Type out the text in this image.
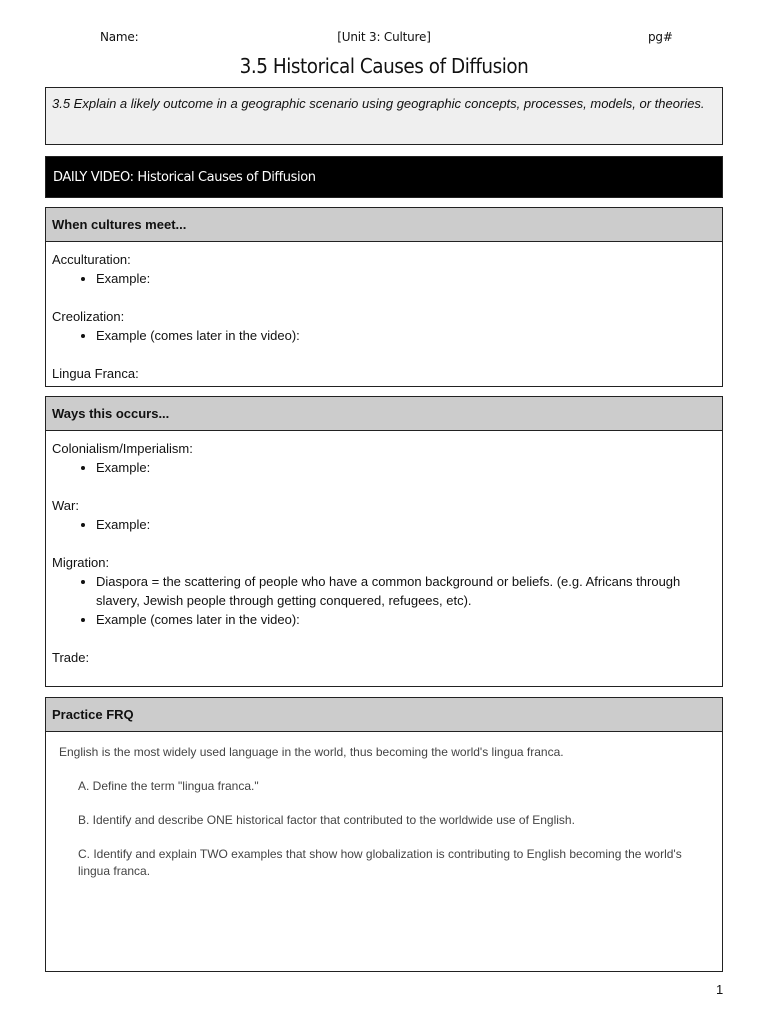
Name:	[Unit 3: Culture]	pg#
3.5 Historical Causes of Diffusion
3.5 Explain a likely outcome in a geographic scenario using geographic concepts, processes, models, or theories.
DAILY VIDEO: Historical Causes of Diffusion
When cultures meet...

Acculturation:

• Example:

Creolization:

• Example (comes later in the video):

Lingua Franca:

Ways this occurs...

Colonialism/Imperialism:

• Example:

War:

• Example:

Migration:

• Diaspora = the scattering of people who have a common background or beliefs. (e.g. Africans through slavery, Jewish people through getting conquered, refugees, etc).
• Example (comes later in the video):

Trade:

Practice FRQ

English is the most widely used language in the world, thus becoming the world's lingua franca.

A. Define the term "lingua franca."

B. Identify and describe ONE historical factor that contributed to the worldwide use of English.

C. Identify and explain TWO examples that show how globalization is contributing to English becoming the world's lingua franca.

1
